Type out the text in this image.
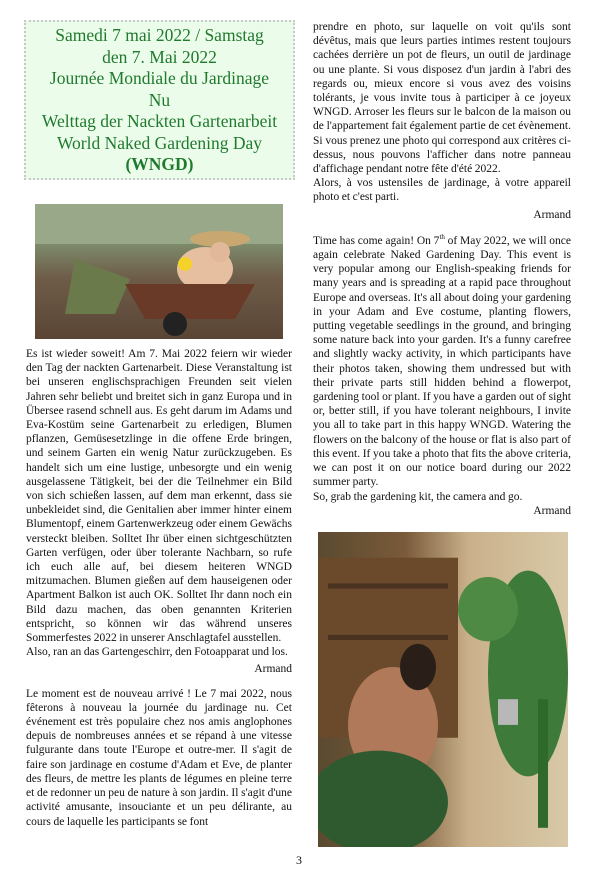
Samedi 7 mai 2022 / Samstag
den 7. Mai 2022
Journée Mondiale du Jardinage
Nu
Welttag der Nackten Gartenarbeit
World Naked Gardening Day
(WNGD)

Es ist wieder soweit! Am 7. Mai 2022 feiern wir wieder den Tag der nackten Gartenarbeit. Diese Veranstaltung ist bei unseren englischsprachigen Freunden seit vielen Jahren sehr beliebt und breitet sich in ganz Europa und in Übersee rasend schnell aus. Es geht darum im Adams und Eva-Kostüm seine Gartenarbeit zu erledigen, Blumen pflanzen, Gemüsesetzlinge in die offene Erde bringen, und seinem Garten ein wenig Natur zurückzugeben. Es handelt sich um eine lustige, unbesorgte und ein wenig ausgelassene Tätigkeit, bei der die Teilnehmer ein Bild von sich schießen lassen, auf dem man erkennt, dass sie unbekleidet sind, die Genitalien aber immer hinter einem Blumentopf, einem Gartenwerkzeug oder einem Gewächs versteckt bleiben. Solltet Ihr über einen sichtgeschützten Garten verfügen, oder über tolerante Nachbarn, so rufe ich euch alle auf, bei diesem heiteren WNGD mitzumachen. Blumen gießen auf dem hauseigenen oder Apartment Balkon ist auch OK. Solltet Ihr dann noch ein Bild dazu machen, das oben genannten Kriterien entspricht, so können wir das während unseres Sommerfestes 2022 in unserer Anschlagtafel ausstellen.

Also, ran an das Gartengeschirr, den Fotoapparat und los.

Armand

Le moment est de nouveau arrivé ! Le 7 mai 2022, nous fêterons à nouveau la journée du jardinage nu. Cet événement est très populaire chez nos amis anglophones depuis de nombreuses années et se répand à une vitesse fulgurante dans toute l'Europe et outre-mer. Il s'agit de faire son jardinage en costume d'Adam et Eve, de planter des fleurs, de mettre les plants de légumes en pleine terre et de redonner un peu de nature à son jardin. Il s'agit d'une activité amusante, insouciante et un peu délirante, au cours de laquelle les participants se font

prendre en photo, sur laquelle on voit qu'ils sont dévêtus, mais que leurs parties intimes restent toujours cachées derrière un pot de fleurs, un outil de jardinage ou une plante. Si vous disposez d'un jardin à l'abri des regards ou, mieux encore si vous avez des voisins tolérants, je vous invite tous à participer à ce joyeux WNGD. Arroser les fleurs sur le balcon de la maison ou de l'appartement fait également partie de cet évènement. Si vous prenez une photo qui correspond aux critères ci-dessus, nous pouvons l'afficher dans notre panneau d'affichage pendant notre fête d'été 2022.

Alors, à vos ustensiles de jardinage, à votre appareil photo et c'est parti.

Armand

Time has come again! On 7th of May 2022, we will once again celebrate Naked Gardening Day. This event is very popular among our English-speaking friends for many years and is spreading at a rapid pace throughout Europe and overseas. It's all about doing your gardening in your Adam and Eve costume, planting flowers, putting vegetable seedlings in the ground, and bringing some nature back into your garden. It's a funny carefree and slightly wacky activity, in which participants have their photos taken, showing them undressed but with their private parts still hidden behind a flowerpot, gardening tool or plant. If you have a garden out of sight or, better still, if you have tolerant neighbours, I invite you all to take part in this happy WNGD. Watering the flowers on the balcony of the house or flat is also part of this event. If you take a photo that fits the above criteria, we can post it on our notice board during our 2022 summer party.

So, grab the gardening kit, the camera and go.

Armand

3
